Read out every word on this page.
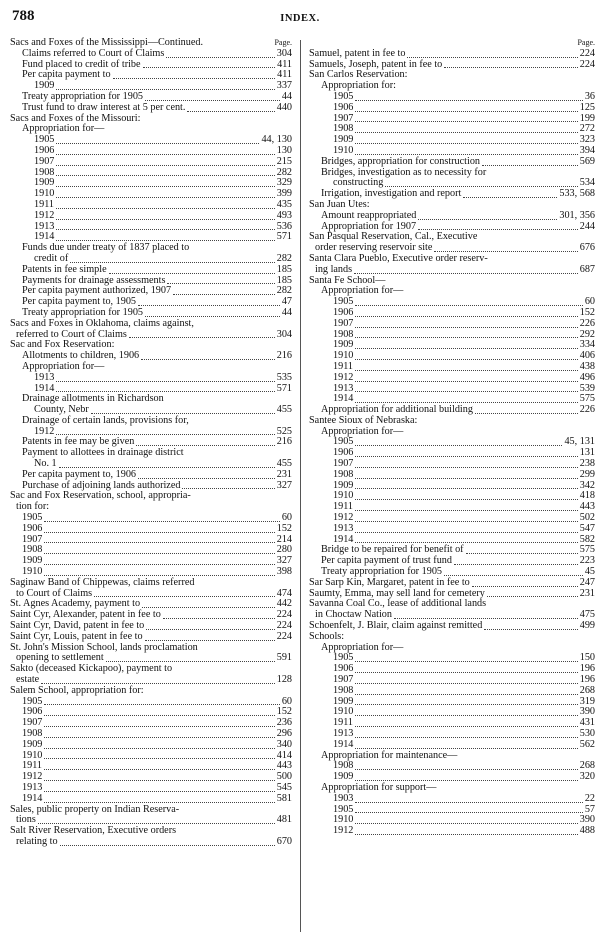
788	INDEX.
Sacs and Foxes of the Mississippi—Continued.	Page.
Claims referred to Court of Claims	304
Fund placed to credit of tribe	411
Per capita payment to	411
1909	337
Treaty appropriation for 1905	44
Trust fund to draw interest at 5 per cent.	440
Sacs and Foxes of the Missouri:
Appropriation for—
1905	44, 130
1906	130
1907	215
1908	282
1909	329
1910	399
1911	435
1912	493
1913	536
1914	571
Funds due under treaty of 1837 placed to
credit of	282
Patents in fee simple	185
Payments for drainage assessments	185
Per capita payment authorized, 1907	282
Per capita payment to, 1905	47
Treaty appropriation for 1905	44
Sacs and Foxes in Oklahoma, claims against,
referred to Court of Claims	304
Sac and Fox Reservation:
Allotments to children, 1906	216
Appropriation for—
1913	535
1914	571
Drainage allotments in Richardson
County, Nebr	455
Drainage of certain lands, provisions for,
1912	525
Patents in fee may be given	216
Payment to allottees in drainage district
No. 1	455
Per capita payment to, 1906	231
Purchase of adjoining lands authorized	327
Sac and Fox Reservation, school, appropria-
tion for:
1905	60
1906	152
1907	214
1908	280
1909	327
1910	398
Saginaw Band of Chippewas, claims referred
to Court of Claims	474
St. Agnes Academy, payment to	442
Saint Cyr, Alexander, patent in fee to	224
Saint Cyr, David, patent in fee to	224
Saint Cyr, Louis, patent in fee to	224
St. John's Mission School, lands proclamation
opening to settlement	591
Sakto (deceased Kickapoo), payment to
estate	128
Salem School, appropriation for:
1905	60
1906	152
1907	236
1908	296
1909	340
1910	414
1911	443
1912	500
1913	545
1914	581
Sales, public property on Indian Reserva-
tions	481
Salt River Reservation, Executive orders
relating to	670
Page.
Samuel, patent in fee to	224
Samuels, Joseph, patent in fee to	224
San Carlos Reservation:
Appropriation for:
1905	36
1906	125
1907	199
1908	272
1909	323
1910	394
Bridges, appropriation for construction	569
Bridges, investigation as to necessity for
constructing	534
Irrigation, investigation and report	533, 568
San Juan Utes:
Amount reappropriated	301, 356
Appropriation for 1907	244
San Pasqual Reservation, Cal., Executive
order reserving reservoir site	676
Santa Clara Pueblo, Executive order reserv-
ing lands	687
Santa Fe School—
Appropriation for—
1905	60
1906	152
1907	226
1908	292
1909	334
1910	406
1911	438
1912	496
1913	539
1914	575
Appropriation for additional building	226
Santee Sioux of Nebraska:
Appropriation for—
1905	45, 131
1906	131
1907	238
1908	299
1909	342
1910	418
1911	443
1912	502
1913	547
1914	582
Bridge to be repaired for benefit of	575
Per capita payment of trust fund	223
Treaty appropriation for 1905	45
Sar Sarp Kin, Margaret, patent in fee to	247
Saumty, Emma, may sell land for cemetery	231
Savanna Coal Co., lease of additional lands
in Choctaw Nation	475
Schoenfelt, J. Blair, claim against remitted	499
Schools:
Appropriation for—
1905	150
1906	196
1907	196
1908	268
1909	319
1910	390
1911	431
1913	530
1914	562
Appropriation for maintenance—
1908	268
1909	320
Appropriation for support—
1903	22
1905	57
1910	390
1912	488
